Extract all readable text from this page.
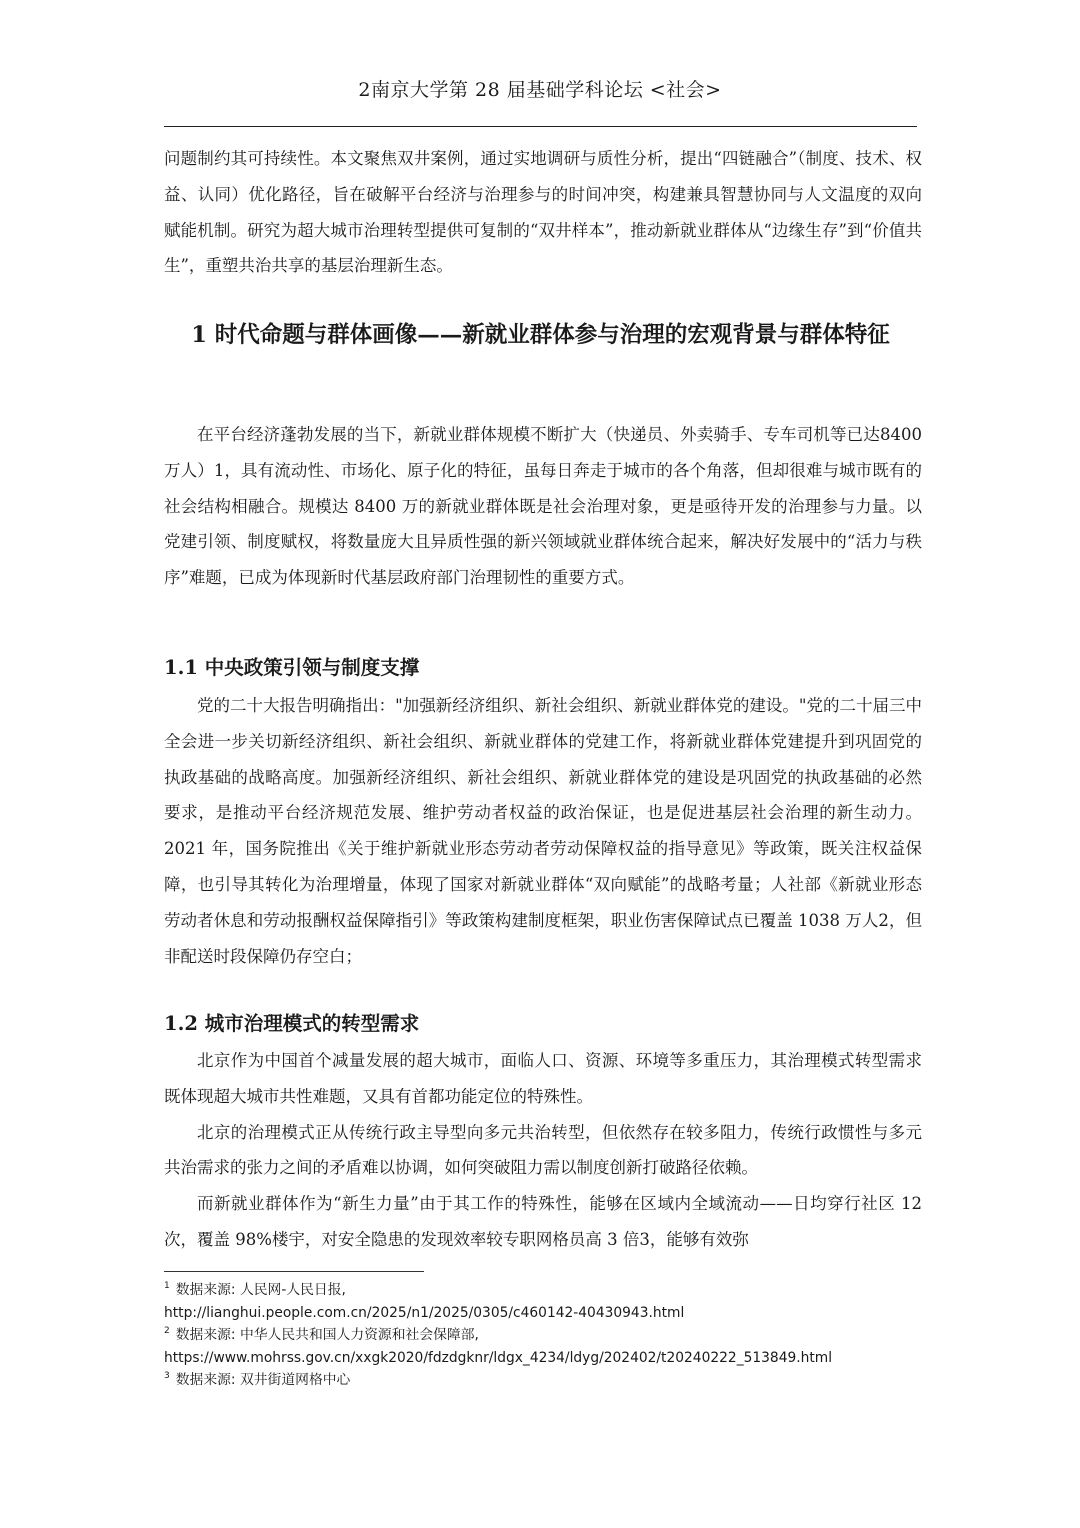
2南京大学第 28 届基础学科论坛 <社会>

问题制约其可持续性。本文聚焦双井案例，通过实地调研与质性分析，提出“四链融合”（制度、技术、权益、认同）优化路径，旨在破解平台经济与治理参与的时间冲突，构建兼具智慧协同与人文温度的双向赋能机制。研究为超大城市治理转型提供可复制的“双井样本”，推动新就业群体从“边缘生存”到“价值共生”，重塑共治共享的基层治理新生态。

1 时代命题与群体画像——新就业群体参与治理的宏观背景与群体特征

在平台经济蓬勃发展的当下，新就业群体规模不断扩大（快递员、外卖骑手、专车司机等已达8400 万人）1，具有流动性、市场化、原子化的特征，虽每日奔走于城市的各个角落，但却很难与城市既有的社会结构相融合。规模达 8400 万的新就业群体既是社会治理对象，更是亟待开发的治理参与力量。以党建引领、制度赋权，将数量庞大且异质性强的新兴领域就业群体统合起来，解决好发展中的“活力与秩序”难题，已成为体现新时代基层政府部门治理韧性的重要方式。

1.1 中央政策引领与制度支撑

党的二十大报告明确指出："加强新经济组织、新社会组织、新就业群体党的建设。"党的二十届三中全会进一步关切新经济组织、新社会组织、新就业群体的党建工作，将新就业群体党建提升到巩固党的执政基础的战略高度。加强新经济组织、新社会组织、新就业群体党的建设是巩固党的执政基础的必然要求，是推动平台经济规范发展、维护劳动者权益的政治保证，也是促进基层社会治理的新生动力。2021 年，国务院推出《关于维护新就业形态劳动者劳动保障权益的指导意见》等政策，既关注权益保障，也引导其转化为治理增量，体现了国家对新就业群体“双向赋能”的战略考量；人社部《新就业形态劳动者休息和劳动报酬权益保障指引》等政策构建制度框架，职业伤害保障试点已覆盖 1038 万人2，但非配送时段保障仍存空白；

1.2 城市治理模式的转型需求

北京作为中国首个减量发展的超大城市，面临人口、资源、环境等多重压力，其治理模式转型需求既体现超大城市共性难题，又具有首都功能定位的特殊性。

北京的治理模式正从传统行政主导型向多元共治转型，但依然存在较多阻力，传统行政惯性与多元共治需求的张力之间的矛盾难以协调，如何突破阻力需以制度创新打破路径依赖。

而新就业群体作为“新生力量”由于其工作的特殊性，能够在区域内全域流动——日均穿行社区 12 次，覆盖 98%楼宇，对安全隐患的发现效率较专职网格员高 3 倍3，能够有效弥

$^1$ 数据来源: 人民网-人民日报,
http://lianghui.people.com.cn/2025/n1/2025/0305/c460142-40430943.html
$^2$ 数据来源: 中华人民共和国人力资源和社会保障部,
https://www.mohrss.gov.cn/xxgk2020/fdzdgknr/ldgx_4234/ldyg/202402/t20240222_513849.html
$^3$ 数据来源: 双井街道网格中心
